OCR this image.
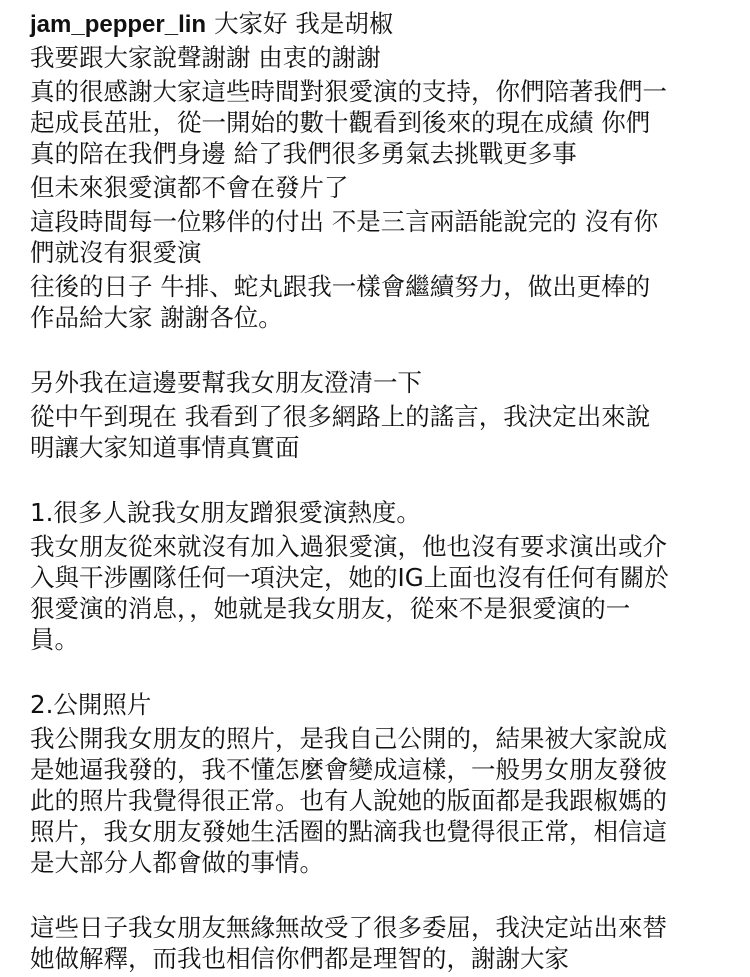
jam_pepper_lin 大家好 我是胡椒
我要跟大家說聲謝謝 由衷的謝謝
真的很感謝大家這些時間對狠愛演的支持，你們陪著我們一
起成長茁壯，從一開始的數十觀看到後來的現在成績 你們
真的陪在我們身邊 給了我們很多勇氣去挑戰更多事
但未來狠愛演都不會在發片了
這段時間每一位夥伴的付出 不是三言兩語能說完的 沒有你
們就沒有狠愛演
往後的日子 牛排、蛇丸跟我一樣會繼續努力，做出更棒的
作品給大家 謝謝各位。
另外我在這邊要幫我女朋友澄清一下
從中午到現在 我看到了很多網路上的謠言，我決定出來說
明讓大家知道事情真實面
1.很多人說我女朋友蹭狠愛演熱度。
我女朋友從來就沒有加入過狠愛演，他也沒有要求演出或介
入與干涉團隊任何一項決定，她的IG上面也沒有任何有關於
狠愛演的消息，，她就是我女朋友，從來不是狠愛演的一
員。
2.公開照片
我公開我女朋友的照片，是我自己公開的，結果被大家說成
是她逼我發的，我不懂怎麼會變成這樣，一般男女朋友發彼
此的照片我覺得很正常。也有人說她的版面都是我跟椒媽的
照片，我女朋友發她生活圈的點滴我也覺得很正常，相信這
是大部分人都會做的事情。
這些日子我女朋友無緣無故受了很多委屈，我決定站出來替
她做解釋，而我也相信你們都是理智的，謝謝大家
